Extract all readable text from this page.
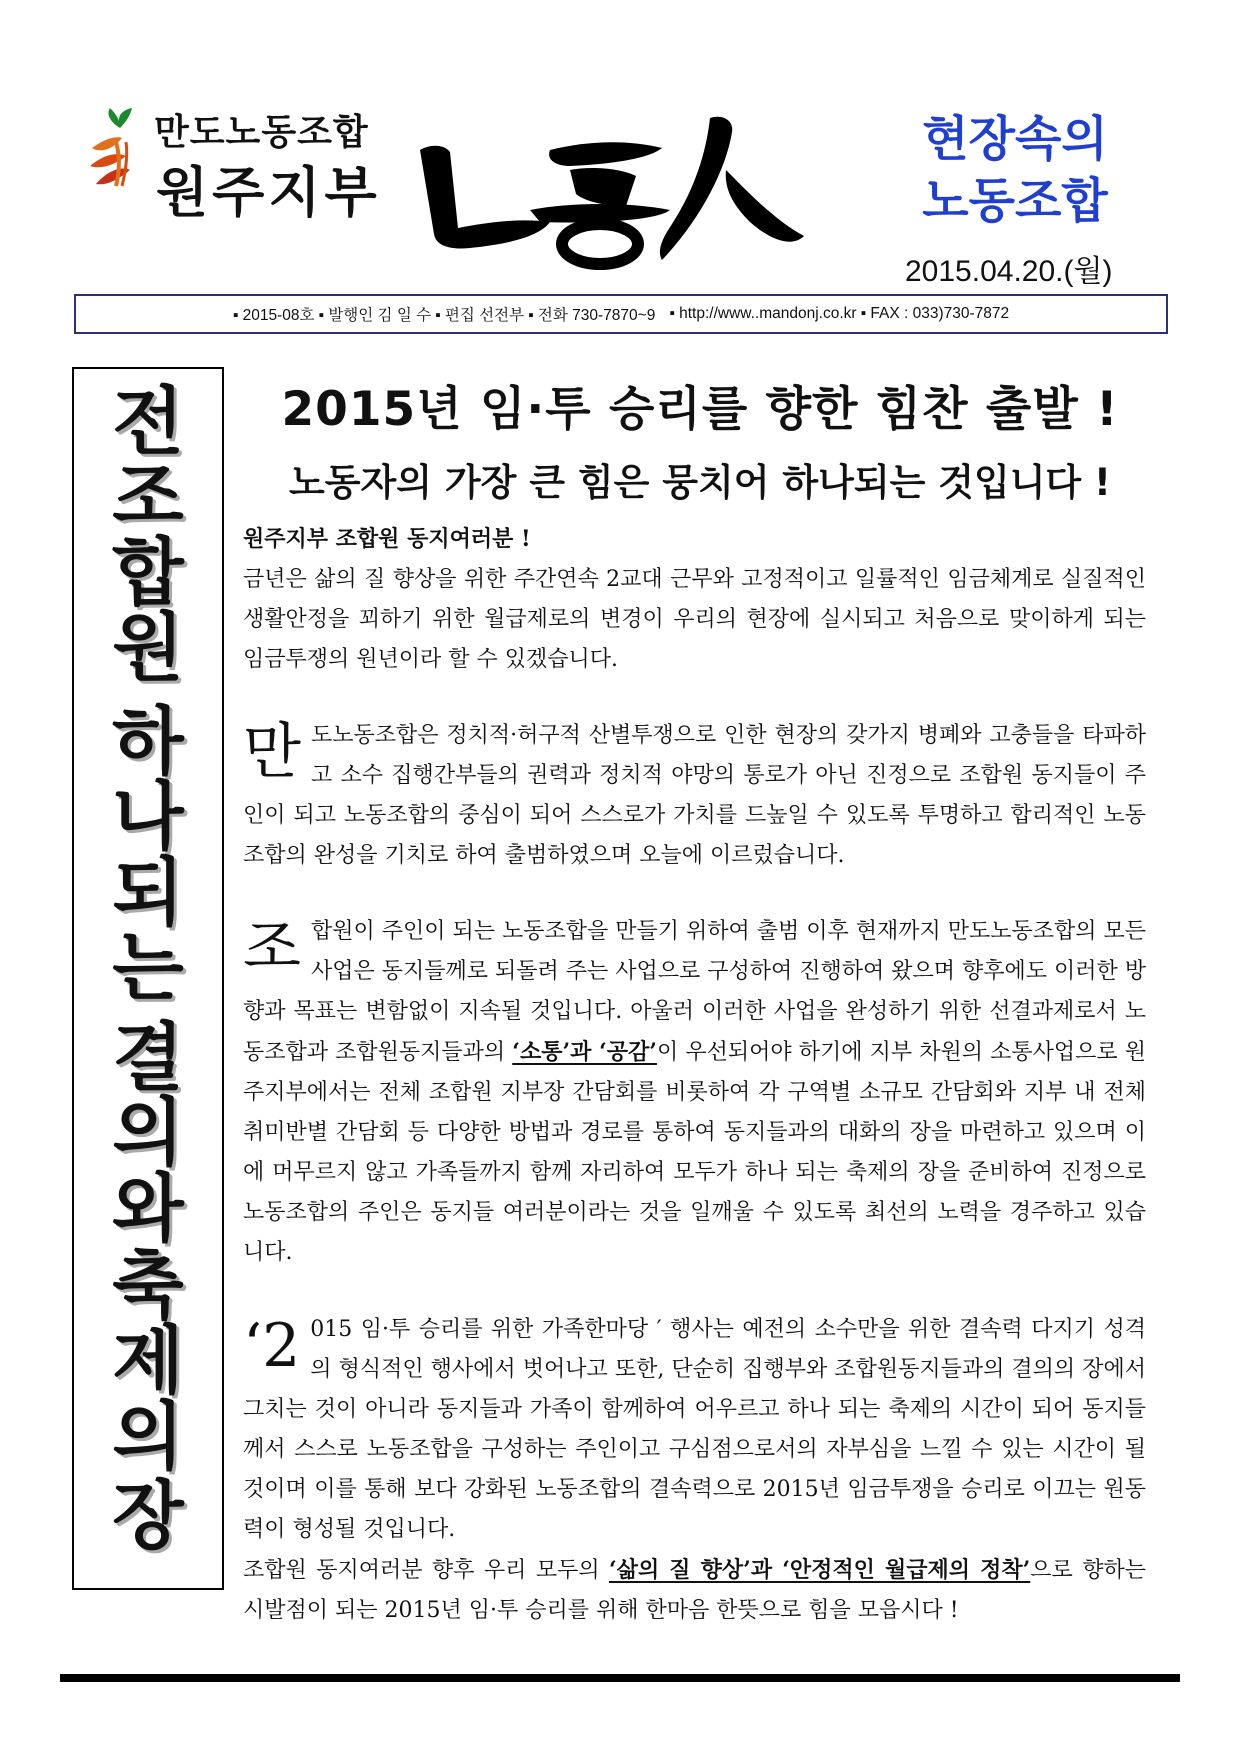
만도노동조합
원주지부
현장속의
노동조합
2015.04.20.(월)
▪ 2015-08호 ▪ 발행인 김 일 수 ▪ 편집 선전부 ▪ 전화 730-7870~9 ▪ http://www..mandonj.co.kr ▪ FAX : 033)730-7872
전
조
합
원
하
나
되
는
결
의
와
축
제
의
장
2015년 임·투 승리를 향한 힘찬 출발 !
노동자의 가장 큰 힘은 뭉치어 하나되는 것입니다 !
원주지부 조합원 동지여러분 !
금년은 삶의 질 향상을 위한 주간연속 2교대 근무와 고정적이고 일률적인 임금체계로 실질적인 생활안정을 꾀하기 위한 월급제로의 변경이 우리의 현장에 실시되고 처음으로 맞이하게 되는 임금투쟁의 원년이라 할 수 있겠습니다.
만 도노동조합은 정치적·허구적 산별투쟁으로 인한 현장의 갖가지 병폐와 고충들을 타파하고 소수 집행간부들의 권력과 정치적 야망의 통로가 아닌 진정으로 조합원 동지들이 주인이 되고 노동조합의 중심이 되어 스스로가 가치를 드높일 수 있도록 투명하고 합리적인 노동조합의 완성을 기치로 하여 출범하였으며 오늘에 이르렀습니다.
조 합원이 주인이 되는 노동조합을 만들기 위하여 출범 이후 현재까지 만도노동조합의 모든 사업은 동지들께로 되돌려 주는 사업으로 구성하여 진행하여 왔으며 향후에도 이러한 방향과 목표는 변함없이 지속될 것입니다. 아울러 이러한 사업을 완성하기 위한 선결과제로서 노동조합과 조합원동지들과의 ‘소통’과 ‘공감’이 우선되어야 하기에 지부 차원의 소통사업으로 원주지부에서는 전체 조합원 지부장 간담회를 비롯하여 각 구역별 소규모 간담회와 지부 내 전체 취미반별 간담회 등 다양한 방법과 경로를 통하여 동지들과의 대화의 장을 마련하고 있으며 이에 머무르지 않고 가족들까지 함께 자리하여 모두가 하나 되는 축제의 장을 준비하여 진정으로 노동조합의 주인은 동지들 여러분이라는 것을 일깨울 수 있도록 최선의 노력을 경주하고 있습니다.
‘2 015 임·투 승리를 위한 가족한마당 ′ 행사는 예전의 소수만을 위한 결속력 다지기 성격의 형식적인 행사에서 벗어나고 또한, 단순히 집행부와 조합원동지들과의 결의의 장에서 그치는 것이 아니라 동지들과 가족이 함께하여 어우르고 하나 되는 축제의 시간이 되어 동지들께서 스스로 노동조합을 구성하는 주인이고 구심점으로서의 자부심을 느낄 수 있는 시간이 될 것이며 이를 통해 보다 강화된 노동조합의 결속력으로 2015년 임금투쟁을 승리로 이끄는 원동력이 형성될 것입니다.
조합원 동지여러분 향후 우리 모두의 ‘삶의 질 향상’과 ‘안정적인 월급제의 정착’으로 향하는 시발점이 되는 2015년 임·투 승리를 위해 한마음 한뜻으로 힘을 모읍시다 !
